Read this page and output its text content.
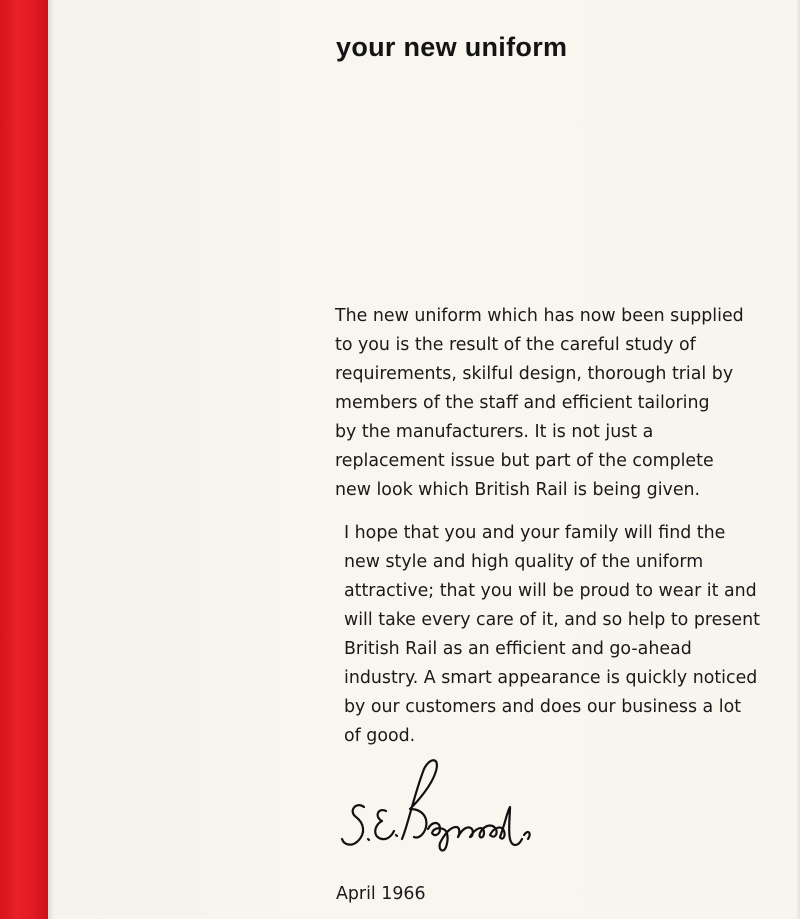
your new uniform

The new uniform which has now been supplied
to you is the result of the careful study of
requirements, skilful design, thorough trial by
members of the staff and efficient tailoring
by the manufacturers. It is not just a
replacement issue but part of the complete
new look which British Rail is being given.

I hope that you and your family will find the
new style and high quality of the uniform
attractive; that you will be proud to wear it and
will take every care of it, and so help to present
British Rail as an efficient and go-ahead
industry. A smart appearance is quickly noticed
by our customers and does our business a lot
of good.

April 1966
